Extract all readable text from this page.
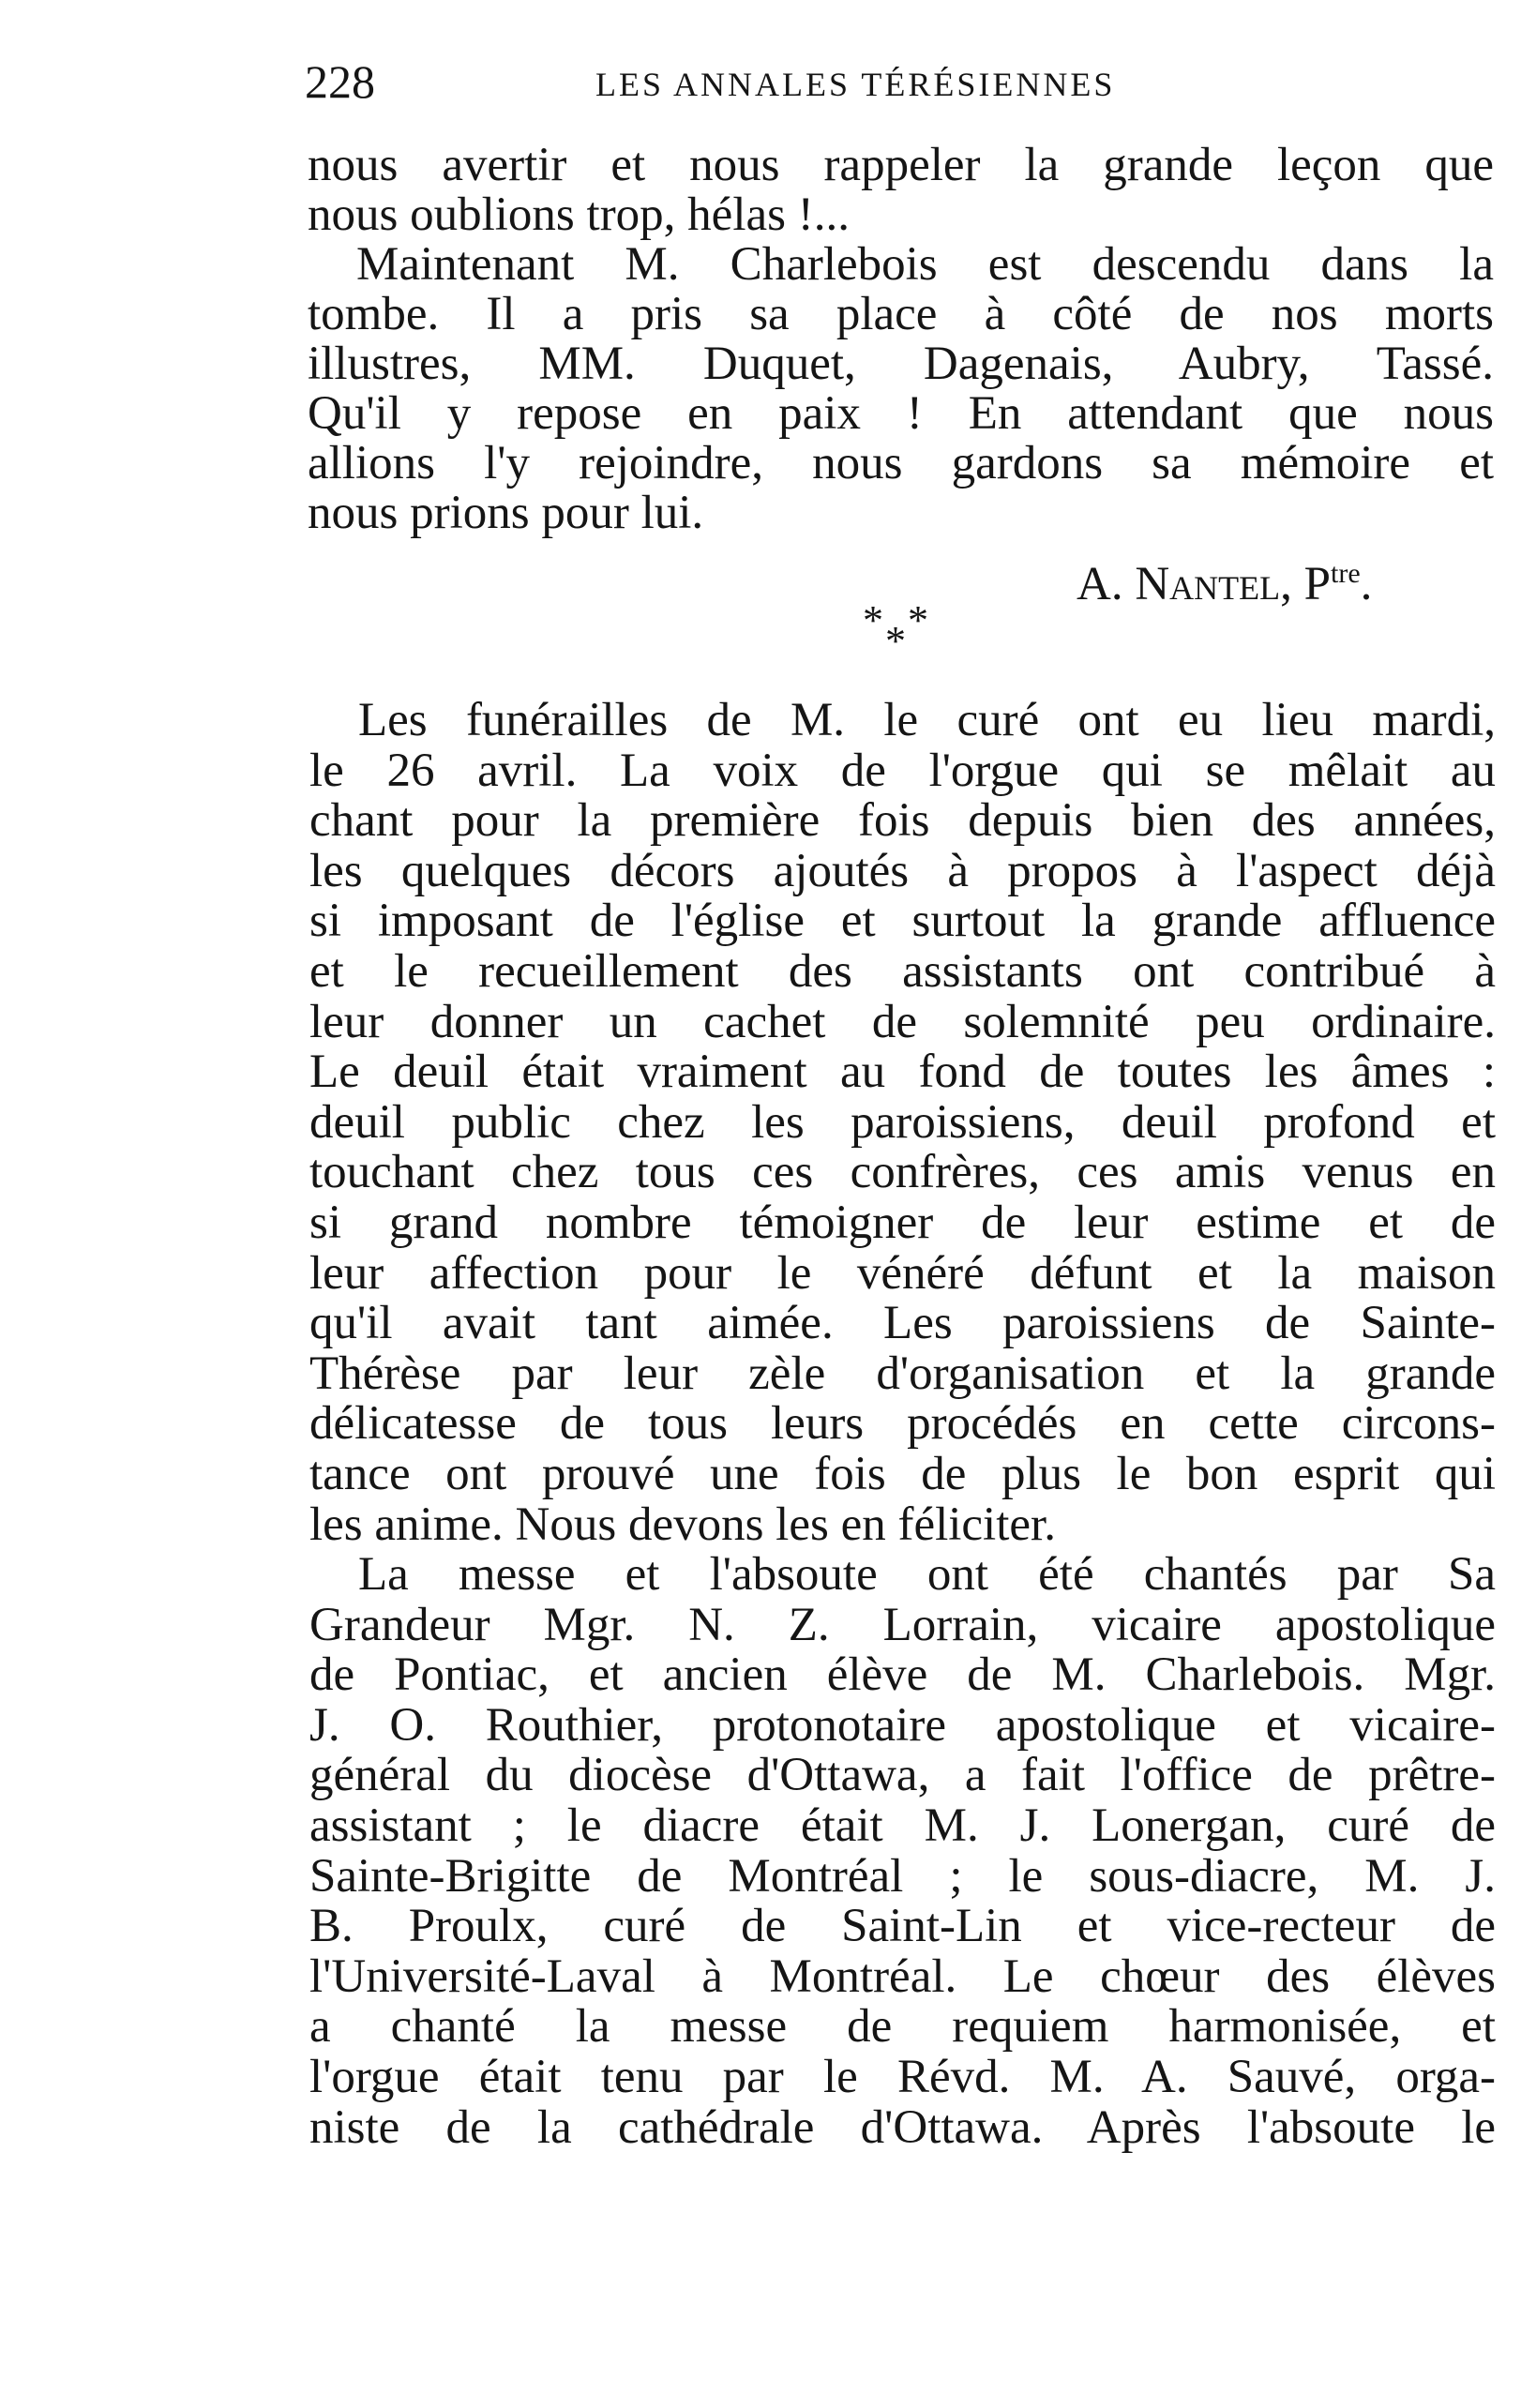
228	LES ANNALES TÉRÉSIENNES
nous avertir et nous rappeler la grande leçon que
nous oublions trop, hélas !...
Maintenant M. Charlebois est descendu dans la
tombe. Il a pris sa place à côté de nos morts
illustres, MM. Duquet, Dagenais, Aubry, Tassé.
Qu'il y repose en paix ! En attendant que nous
allions l'y rejoindre, nous gardons sa mémoire et
nous prions pour lui.
A. Nantel, $P^{tre}$.
* *
*
Les funérailles de M. le curé ont eu lieu mardi,
le 26 avril. La voix de l'orgue qui se mêlait au
chant pour la première fois depuis bien des années,
les quelques décors ajoutés à propos à l'aspect déjà
si imposant de l'église et surtout la grande affluence
et le recueillement des assistants ont contribué à
leur donner un cachet de solemnité peu ordinaire.
Le deuil était vraiment au fond de toutes les âmes :
deuil public chez les paroissiens, deuil profond et
touchant chez tous ces confrères, ces amis venus en
si grand nombre témoigner de leur estime et de
leur affection pour le vénéré défunt et la maison
qu'il avait tant aimée. Les paroissiens de Sainte-
Thérèse par leur zèle d'organisation et la grande
délicatesse de tous leurs procédés en cette circons-
tance ont prouvé une fois de plus le bon esprit qui
les anime. Nous devons les en féliciter.
La messe et l'absoute ont été chantés par Sa
Grandeur Mgr. N. Z. Lorrain, vicaire apostolique
de Pontiac, et ancien élève de M. Charlebois. Mgr.
J. O. Routhier, protonotaire apostolique et vicaire-
général du diocèse d'Ottawa, a fait l'office de prêtre-
assistant ; le diacre était M. J. Lonergan, curé de
Sainte-Brigitte de Montréal ; le sous-diacre, M. J.
B. Proulx, curé de Saint-Lin et vice-recteur de
l'Université-Laval à Montréal. Le chœur des élèves
a chanté la messe de requiem harmonisée, et
l'orgue était tenu par le Révd. M. A. Sauvé, orga-
niste de la cathédrale d'Ottawa. Après l'absoute le
